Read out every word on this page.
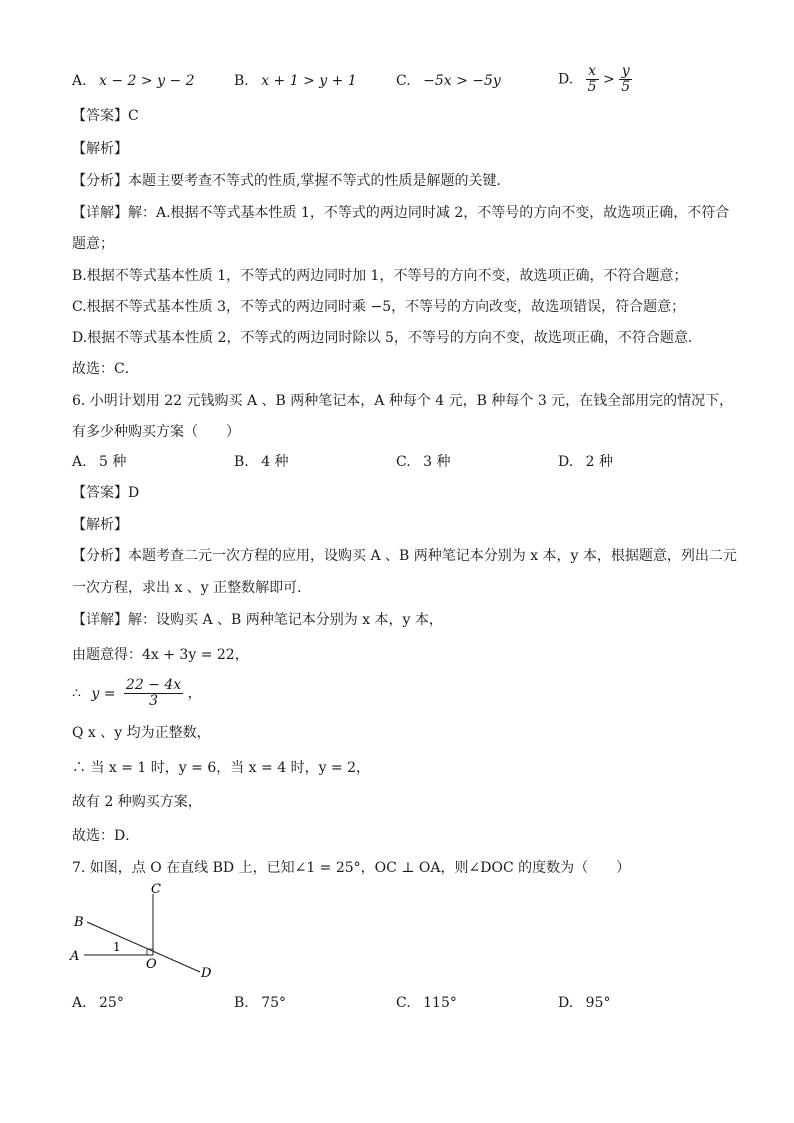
A. x − 2 > y − 2	B. x + 1 > y + 1	C. −5x > −5y	D. $\frac{x}{5} > \frac{y}{5}$
【答案】C
【解析】
【分析】本题主要考查不等式的性质,掌握不等式的性质是解题的关键．
【详解】解：A.根据不等式基本性质 1，不等式的两边同时减 2，不等号的方向不变，故选项正确，不符合
题意；
B.根据不等式基本性质 1，不等式的两边同时加 1，不等号的方向不变，故选项正确，不符合题意；
C.根据不等式基本性质 3，不等式的两边同时乘 −5，不等号的方向改变，故选项错误，符合题意；
D.根据不等式基本性质 2，不等式的两边同时除以 5，不等号的方向不变，故选项正确，不符合题意．
故选：C．
6. 小明计划用 22 元钱购买 A 、B 两种笔记本，A 种每个 4 元，B 种每个 3 元，在钱全部用完的情况下，
有多少种购买方案（　　）
A. 5 种	B. 4 种	C. 3 种	D. 2 种
【答案】D
【解析】
【分析】本题考查二元一次方程的应用，设购买 A 、B 两种笔记本分别为 x 本，y 本，根据题意，列出二元
一次方程，求出 x 、y 正整数解即可．
【详解】解：设购买 A 、B 两种笔记本分别为 x 本，y 本，
由题意得：4x + 3y = 22，
∴ $y = \frac{22 - 4x}{3}$ ，
Q x 、y 均为正整数，
∴ 当 x = 1 时，y = 6，当 x = 4 时，y = 2，
故有 2 种购买方案，
故选：D．
7. 如图，点 O 在直线 BD 上，已知∠1 = 25°，OC ⊥ OA，则∠DOC 的度数为（　　）
C
B
A
1
O
D
A. 25°	B. 75°	C. 115°	D. 95°
